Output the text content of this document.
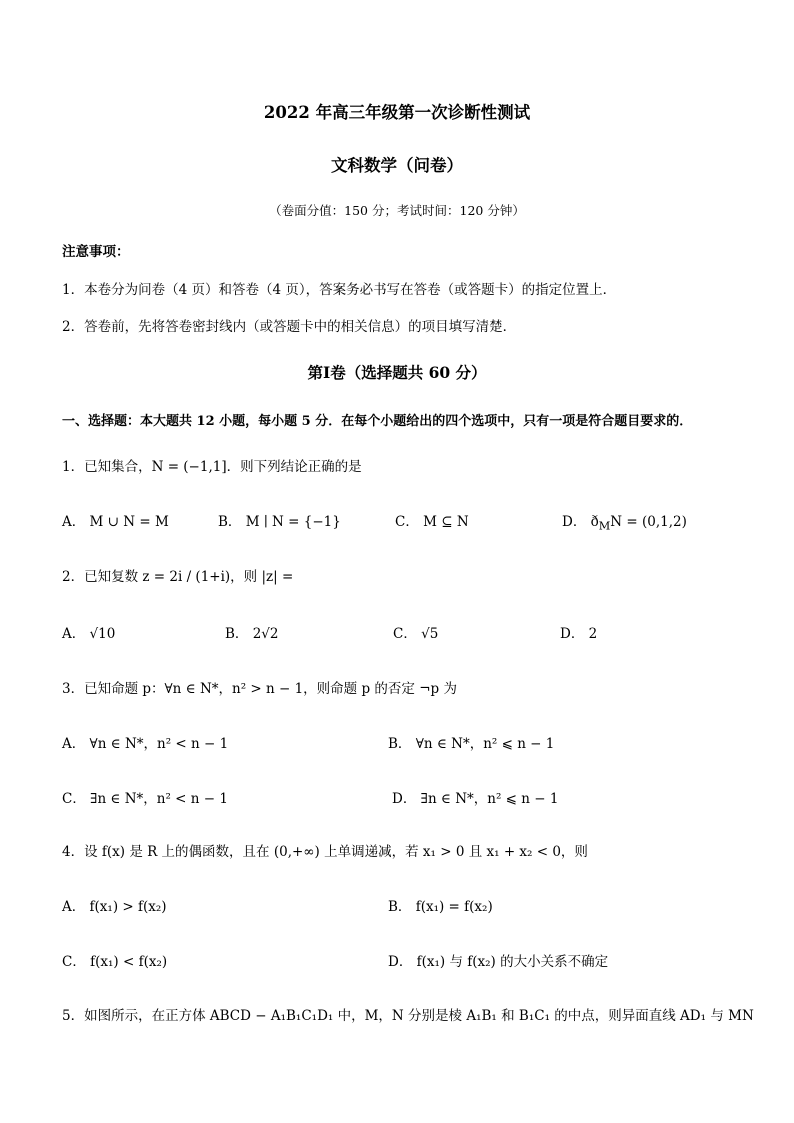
2022 年高三年级第一次诊断性测试
文科数学（问卷）
（卷面分值：150 分；考试时间：120 分钟）
注意事项：
1．本卷分为问卷（4 页）和答卷（4 页），答案务必书写在答卷（或答题卡）的指定位置上．
2．答卷前，先将答卷密封线内（或答题卡中的相关信息）的项目填写清楚．
第Ⅰ卷（选择题共 60 分）
一、选择题：本大题共 12 小题，每小题 5 分．在每个小题给出的四个选项中，只有一项是符合题目要求的．
1．已知集合，N = (−1,1]．则下列结论正确的是
A． M ∪ N = M	B． M ∣ N = {−1}	C． M ⊆ N	D． $ð_MN = (0,1,2)$
2．已知复数 z = 2i / (1+i)，则 |z| =
A． √10	B． 2√2	C． √5	D． 2
3．已知命题 p：∀n ∈ N*，n² > n − 1，则命题 p 的否定 ¬p 为
A． ∀n ∈ N*，n² < n − 1	B． ∀n ∈ N*，n² ⩽ n − 1
C． ∃n ∈ N*，n² < n − 1	D． ∃n ∈ N*，n² ⩽ n − 1
4．设 f(x) 是 R 上的偶函数，且在 (0,+∞) 上单调递减，若 x₁ > 0 且 x₁ + x₂ < 0，则
A． f(x₁) > f(x₂)	B． f(x₁) = f(x₂)
C． f(x₁) < f(x₂)	D． f(x₁) 与 f(x₂) 的大小关系不确定
5．如图所示，在正方体 ABCD − A₁B₁C₁D₁ 中，M，N 分别是棱 A₁B₁ 和 B₁C₁ 的中点，则异面直线 AD₁ 与 MN
